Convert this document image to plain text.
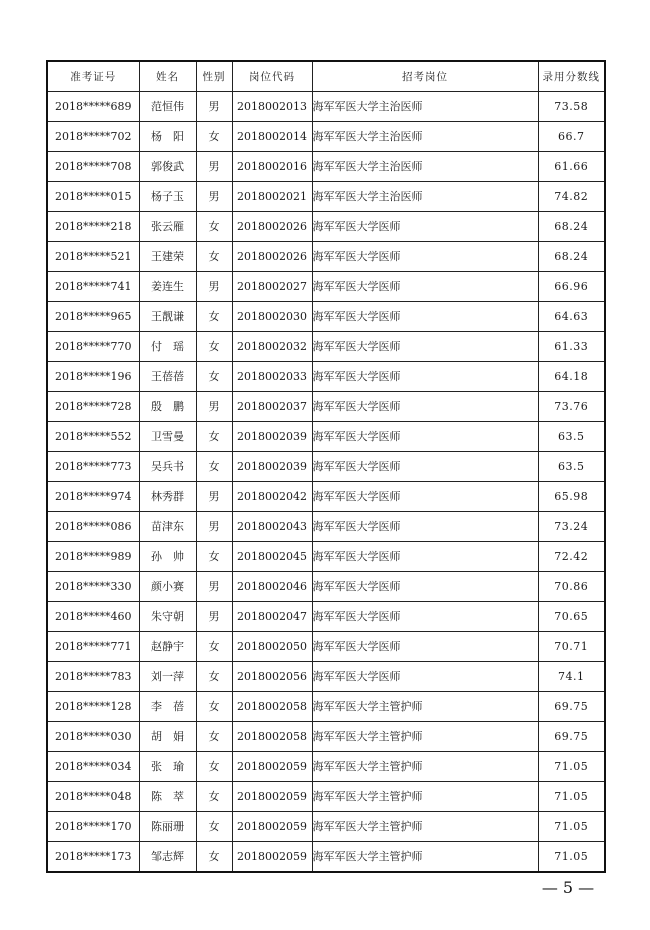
准考证号	姓名	性别	岗位代码	招考岗位	录用分数线
2018*****689	范恒伟	男	2018002013	海军军医大学主治医师	73.58
2018*****702	杨　阳	女	2018002014	海军军医大学主治医师	66.7
2018*****708	郭俊武	男	2018002016	海军军医大学主治医师	61.66
2018*****015	杨子玉	男	2018002021	海军军医大学主治医师	74.82
2018*****218	张云雁	女	2018002026	海军军医大学医师	68.24
2018*****521	王建荣	女	2018002026	海军军医大学医师	68.24
2018*****741	姜连生	男	2018002027	海军军医大学医师	66.96
2018*****965	王靓谦	女	2018002030	海军军医大学医师	64.63
2018*****770	付　瑶	女	2018002032	海军军医大学医师	61.33
2018*****196	王蓓蓓	女	2018002033	海军军医大学医师	64.18
2018*****728	殷　鹏	男	2018002037	海军军医大学医师	73.76
2018*****552	卫雪曼	女	2018002039	海军军医大学医师	63.5
2018*****773	吴兵书	女	2018002039	海军军医大学医师	63.5
2018*****974	林秀群	男	2018002042	海军军医大学医师	65.98
2018*****086	苗津东	男	2018002043	海军军医大学医师	73.24
2018*****989	孙　帅	女	2018002045	海军军医大学医师	72.42
2018*****330	颜小赛	男	2018002046	海军军医大学医师	70.86
2018*****460	朱守朝	男	2018002047	海军军医大学医师	70.65
2018*****771	赵静宇	女	2018002050	海军军医大学医师	70.71
2018*****783	刘一萍	女	2018002056	海军军医大学医师	74.1
2018*****128	李　蓓	女	2018002058	海军军医大学主管护师	69.75
2018*****030	胡　娟	女	2018002058	海军军医大学主管护师	69.75
2018*****034	张　瑜	女	2018002059	海军军医大学主管护师	71.05
2018*****048	陈　萃	女	2018002059	海军军医大学主管护师	71.05
2018*****170	陈丽珊	女	2018002059	海军军医大学主管护师	71.05
2018*****173	邹志辉	女	2018002059	海军军医大学主管护师	71.05
— 5 —
